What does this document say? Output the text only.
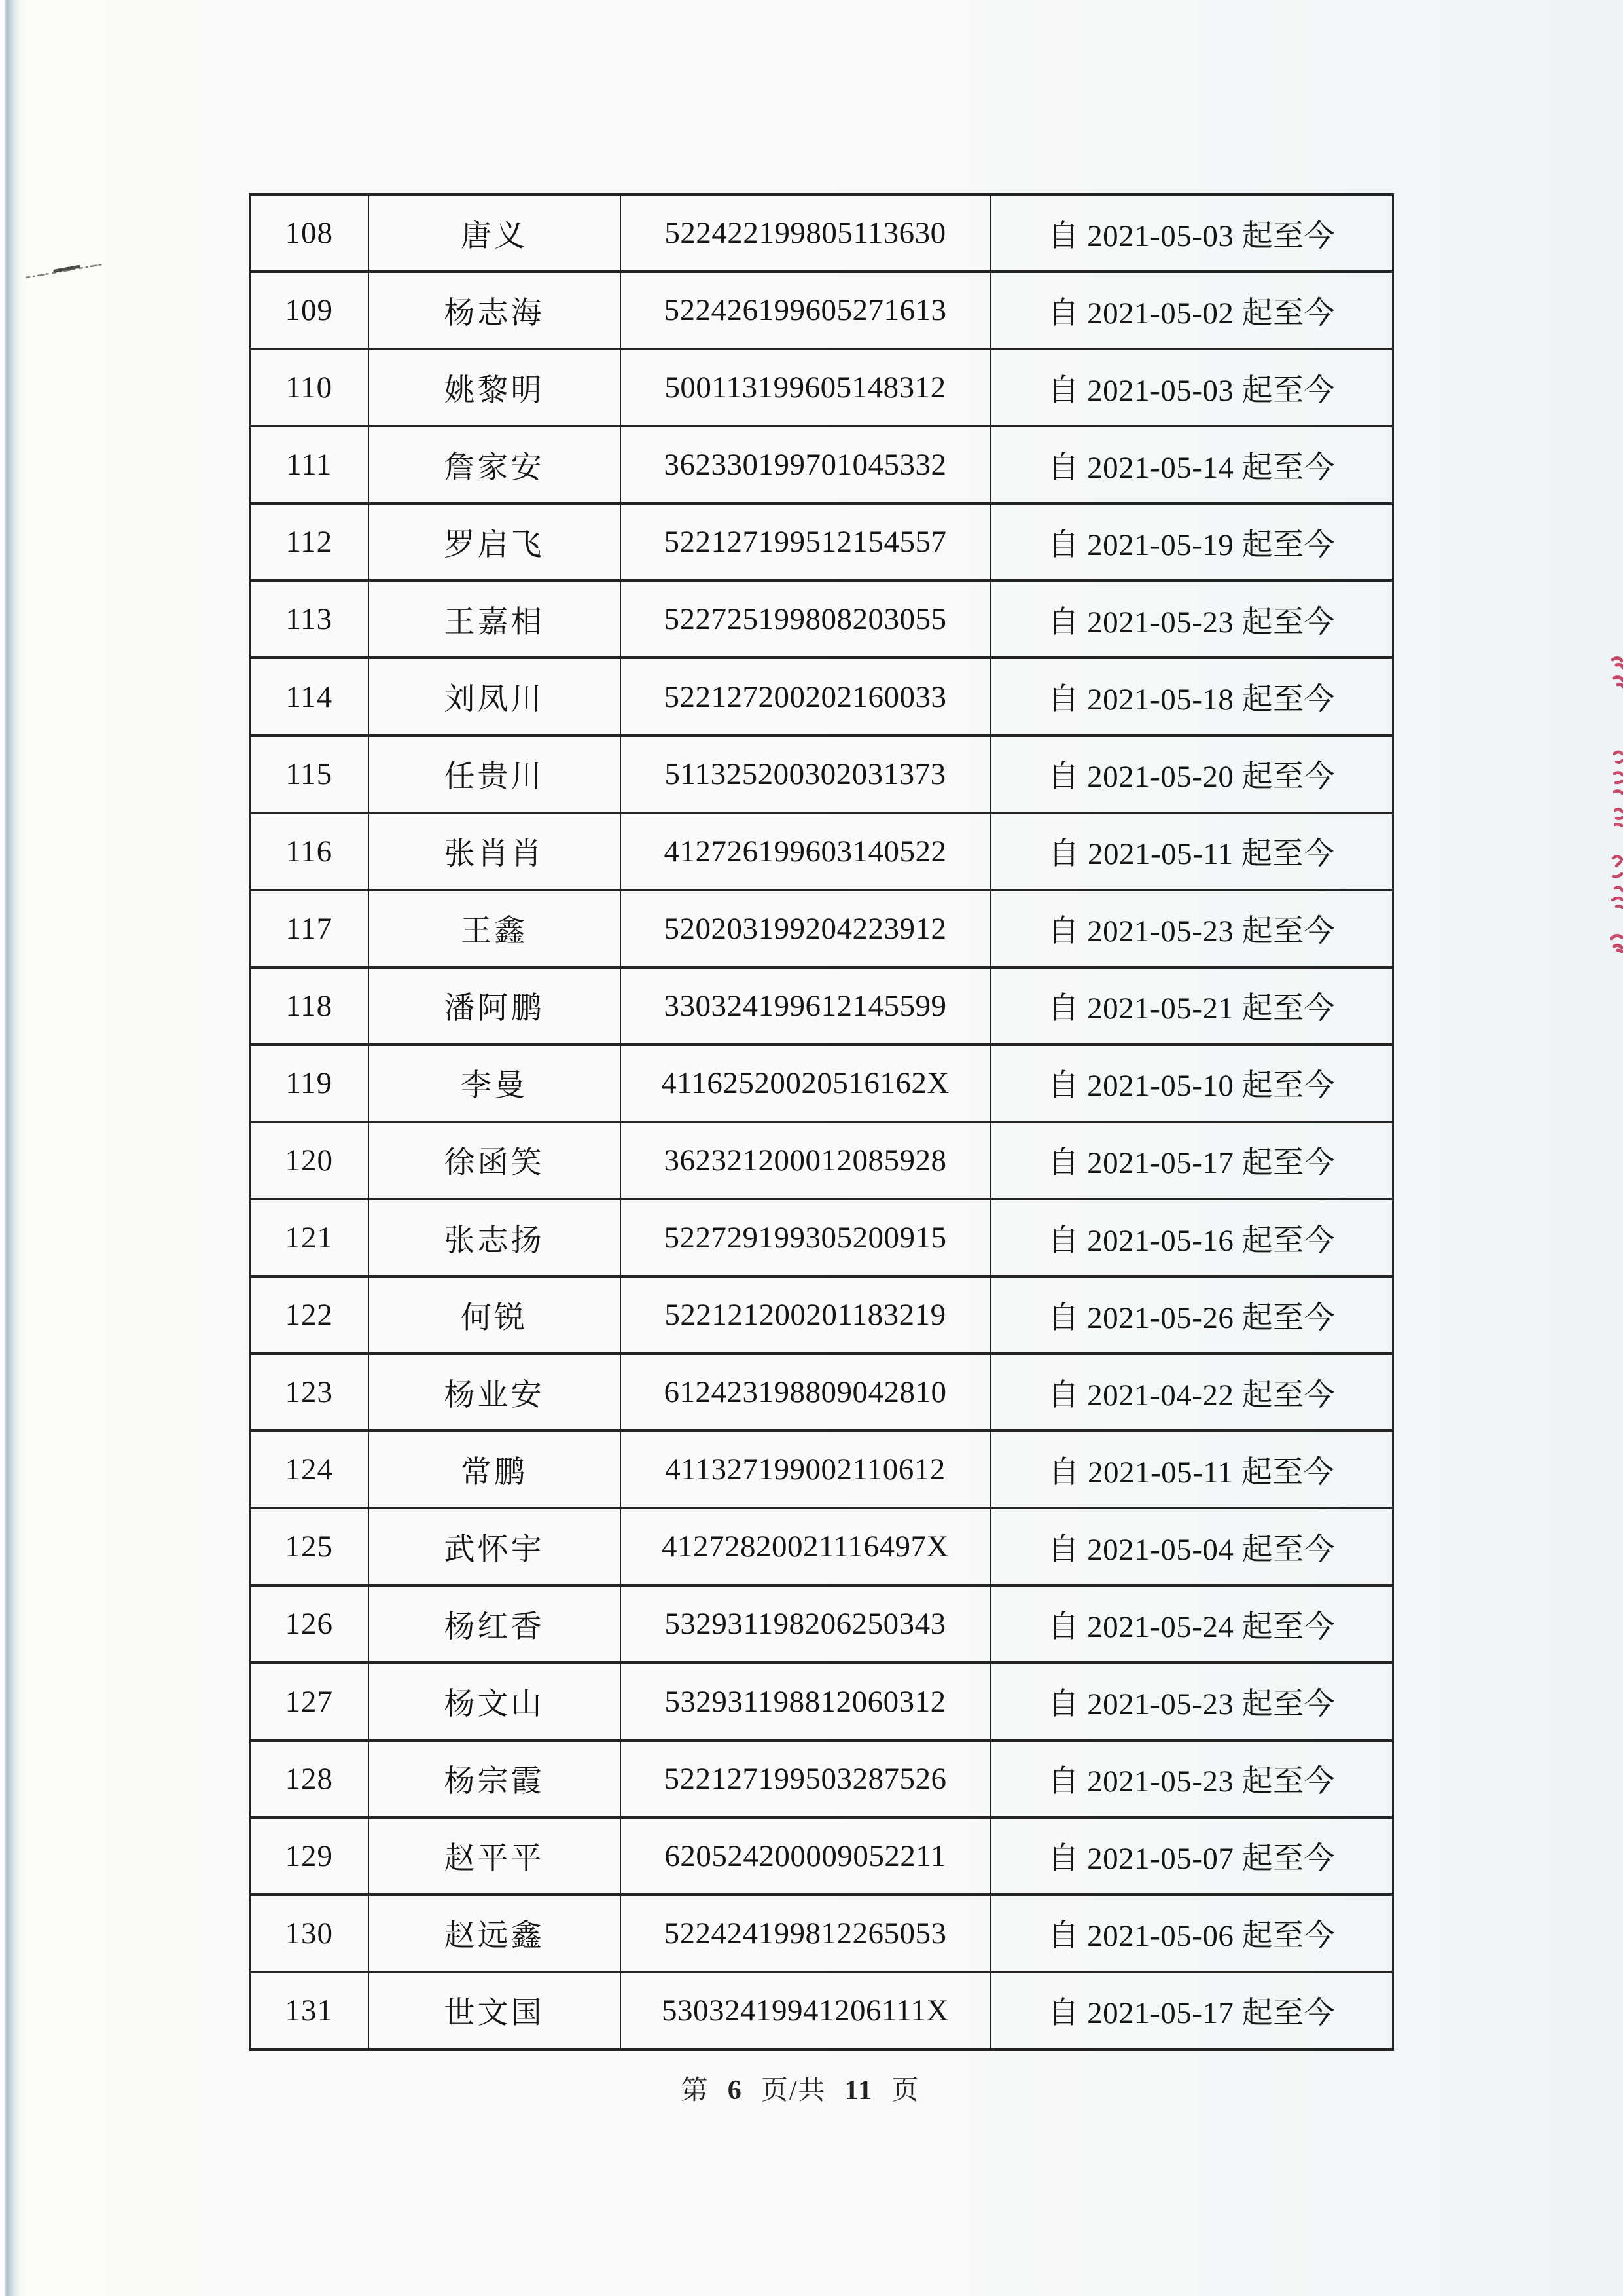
108	唐义	522422199805113630	自 2021-05-03 起至今
109	杨志海	522426199605271613	自 2021-05-02 起至今
110	姚黎明	500113199605148312	自 2021-05-03 起至今
111	詹家安	362330199701045332	自 2021-05-14 起至今
112	罗启飞	522127199512154557	自 2021-05-19 起至今
113	王嘉相	522725199808203055	自 2021-05-23 起至今
114	刘凤川	522127200202160033	自 2021-05-18 起至今
115	任贵川	511325200302031373	自 2021-05-20 起至今
116	张肖肖	412726199603140522	自 2021-05-11 起至今
117	王鑫	520203199204223912	自 2021-05-23 起至今
118	潘阿鹏	330324199612145599	自 2021-05-21 起至今
119	李曼	41162520020516162X	自 2021-05-10 起至今
120	徐函笑	362321200012085928	自 2021-05-17 起至今
121	张志扬	522729199305200915	自 2021-05-16 起至今
122	何锐	522121200201183219	自 2021-05-26 起至今
123	杨业安	612423198809042810	自 2021-04-22 起至今
124	常鹏	411327199002110612	自 2021-05-11 起至今
125	武怀宇	41272820021116497X	自 2021-05-04 起至今
126	杨红香	532931198206250343	自 2021-05-24 起至今
127	杨文山	532931198812060312	自 2021-05-23 起至今
128	杨宗霞	522127199503287526	自 2021-05-23 起至今
129	赵平平	620524200009052211	自 2021-05-07 起至今
130	赵远鑫	522424199812265053	自 2021-05-06 起至今
131	世文国	53032419941206111X	自 2021-05-17 起至今
第 6 页/共 11 页
